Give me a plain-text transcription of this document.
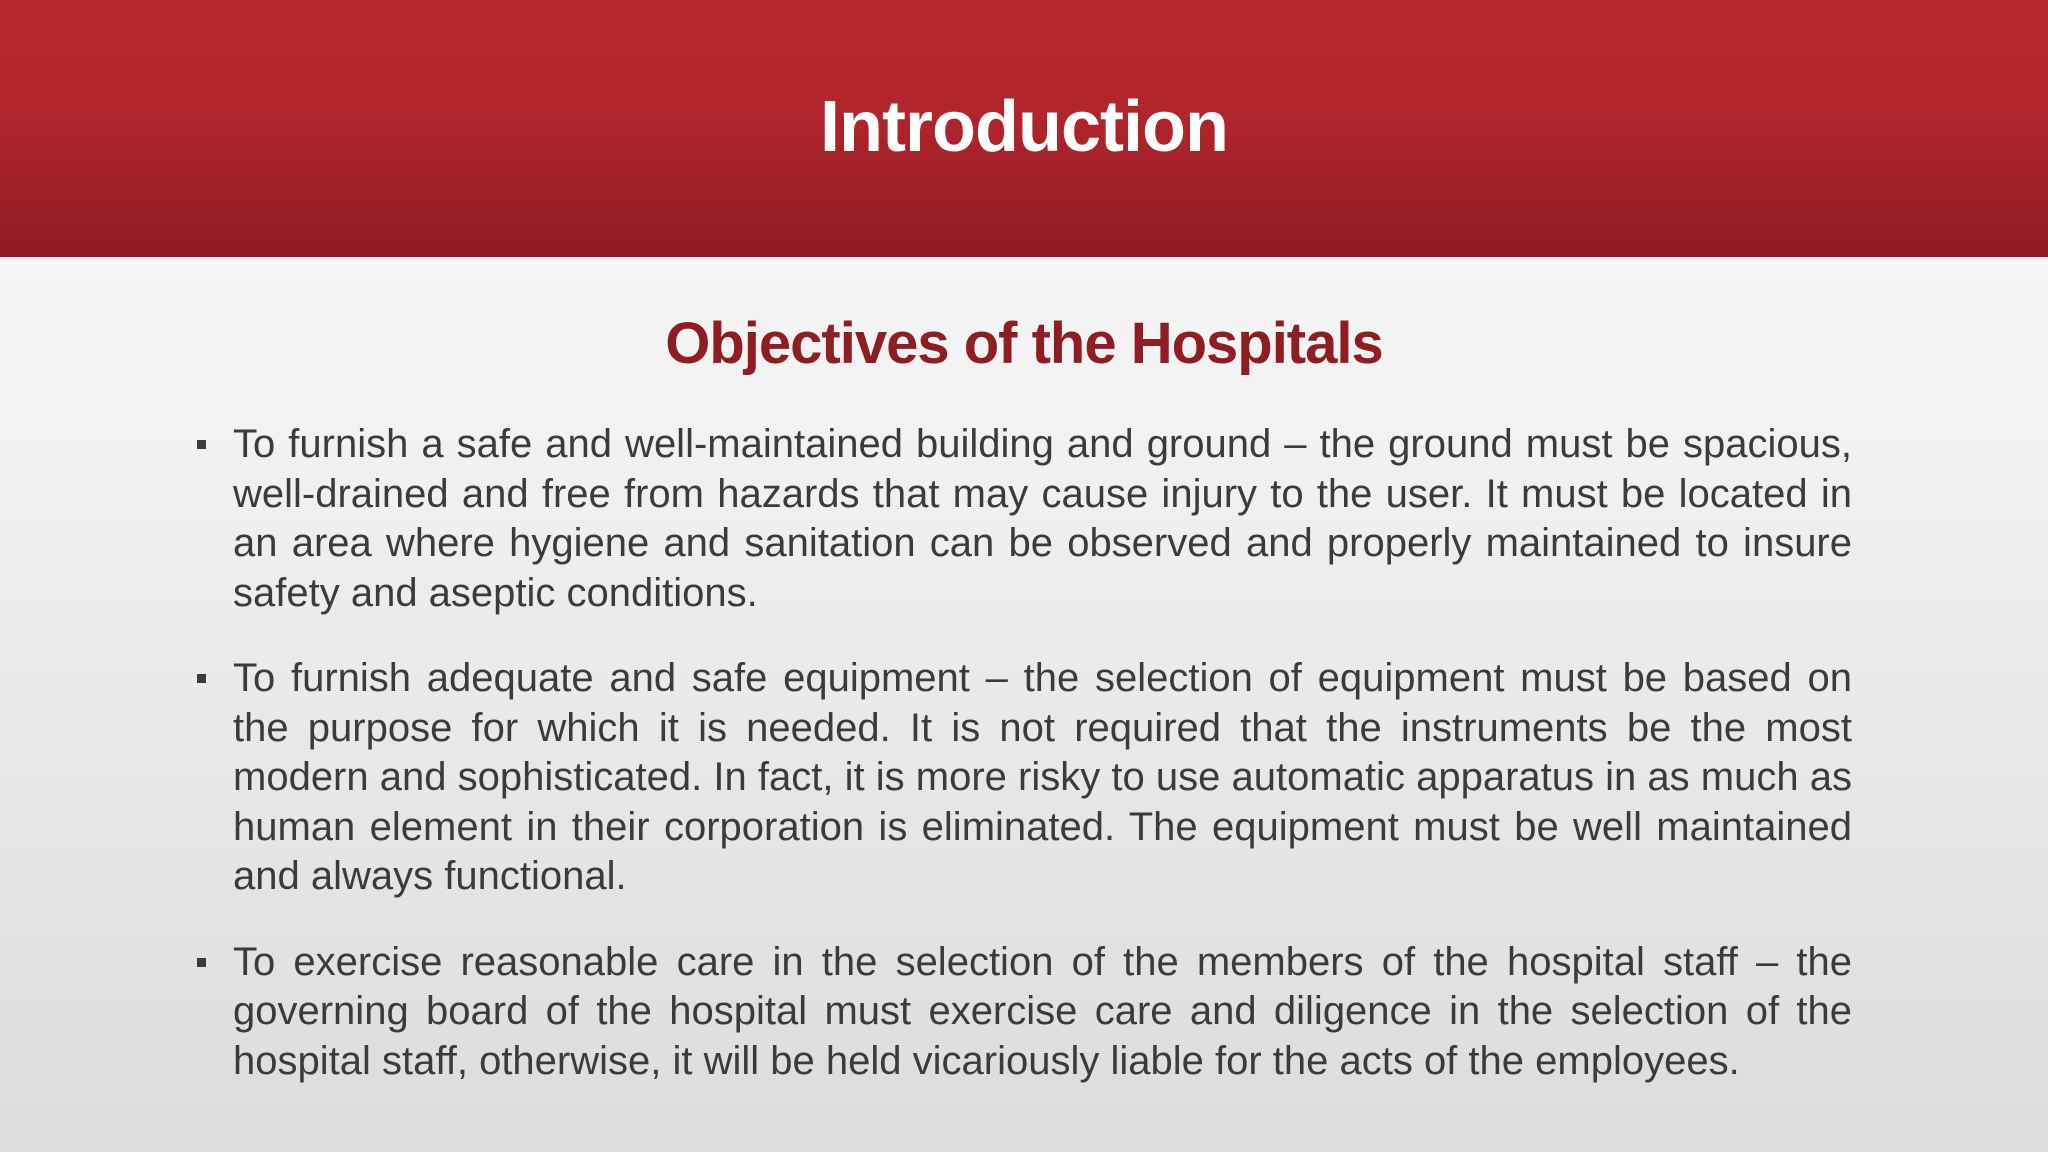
Introduction
Objectives of the Hospitals
To furnish a safe and well-maintained building and ground – the ground must be spacious, well-drained and free from hazards that may cause injury to the user. It must be located in an area where hygiene and sanitation can be observed and properly maintained to insure safety and aseptic conditions.
To furnish adequate and safe equipment – the selection of equipment must be based on the purpose for which it is needed. It is not required that the instruments be the most modern and sophisticated. In fact, it is more risky to use automatic apparatus in as much as human element in their corporation is eliminated. The equipment must be well maintained and always functional.
To exercise reasonable care in the selection of the members of the hospital staff – the governing board of the hospital must exercise care and diligence in the selection of the hospital staff, otherwise, it will be held vicariously liable for the acts of the employees.
